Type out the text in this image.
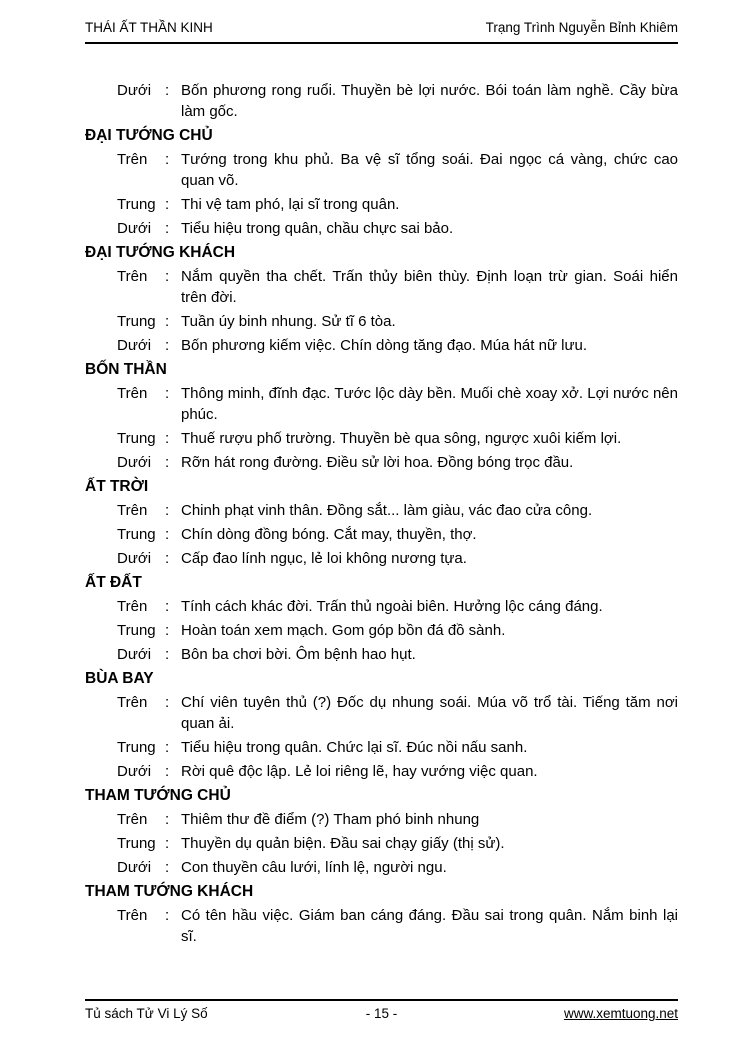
THÁI ẤT THẦN KINH	Trạng Trình Nguyễn Bỉnh Khiêm
Dưới : Bốn phương rong ruổi. Thuyền bè lợi nước. Bói toán làm nghề. Cầy bừa làm gốc.
ĐẠI TƯỚNG CHỦ
Trên	: Tướng trong khu phủ. Ba vệ sĩ tổng soái. Đai ngọc cá vàng, chức cao quan võ.
Trung : Thi vệ tam phó, lại sĩ trong quân.
Dưới : Tiểu hiệu trong quân, chầu chực sai bảo.
ĐẠI TƯỚNG KHÁCH
Trên	: Nắm quyền tha chết. Trấn thủy biên thùy. Định loạn trừ gian. Soái hiển trên đời.
Trung : Tuần úy binh nhung. Sử tĩ 6 tòa.
Dưới : Bốn phương kiếm việc. Chín dòng tăng đạo. Múa hát nữ lưu.
BỐN THẦN
Trên	: Thông minh, đĩnh đạc. Tước lộc dày bền. Muối chè xoay xở. Lợi nước nên phúc.
Trung : Thuế rượu phố trường. Thuyền bè qua sông, ngược xuôi kiếm lợi.
Dưới : Rỡn hát rong đường. Điều sử lời hoa. Đồng bóng trọc đầu.
ẤT TRỜI
Trên	: Chinh phạt vinh thân. Đồng sắt... làm giàu, vác đao cửa công.
Trung : Chín dòng đồng bóng. Cắt may, thuyền, thợ.
Dưới : Cấp đao lính ngục, lẻ loi không nương tựa.
ẤT ĐẤT
Trên	: Tính cách khác đời. Trấn thủ ngoài biên. Hưởng lộc cáng đáng.
Trung : Hoàn toán xem mạch. Gom góp bồn đá đồ sành.
Dưới : Bôn ba chơi bời. Ôm bệnh hao hụt.
BÙA BAY
Trên	: Chí viên tuyên thủ (?) Đốc dụ nhung soái. Múa võ trổ tài. Tiếng tăm nơi quan ải.
Trung : Tiểu hiệu trong quân. Chức lại sĩ. Đúc nồi nấu sanh.
Dưới : Rời quê độc lập. Lẻ loi riêng lẽ, hay vướng việc quan.
THAM TƯỚNG CHỦ
Trên	: Thiêm thư đề điểm (?) Tham phó binh nhung
Trung : Thuyền dụ quản biện. Đầu sai chạy giấy (thị sử).
Dưới : Con thuyền câu lưới, lính lệ, người ngu.
THAM TƯỚNG KHÁCH
Trên	: Có tên hầu việc. Giám ban cáng đáng. Đầu sai trong quân. Nắm binh lại sĩ.
Tủ sách Tử Vi Lý Số	- 15 -	www.xemtuong.net
